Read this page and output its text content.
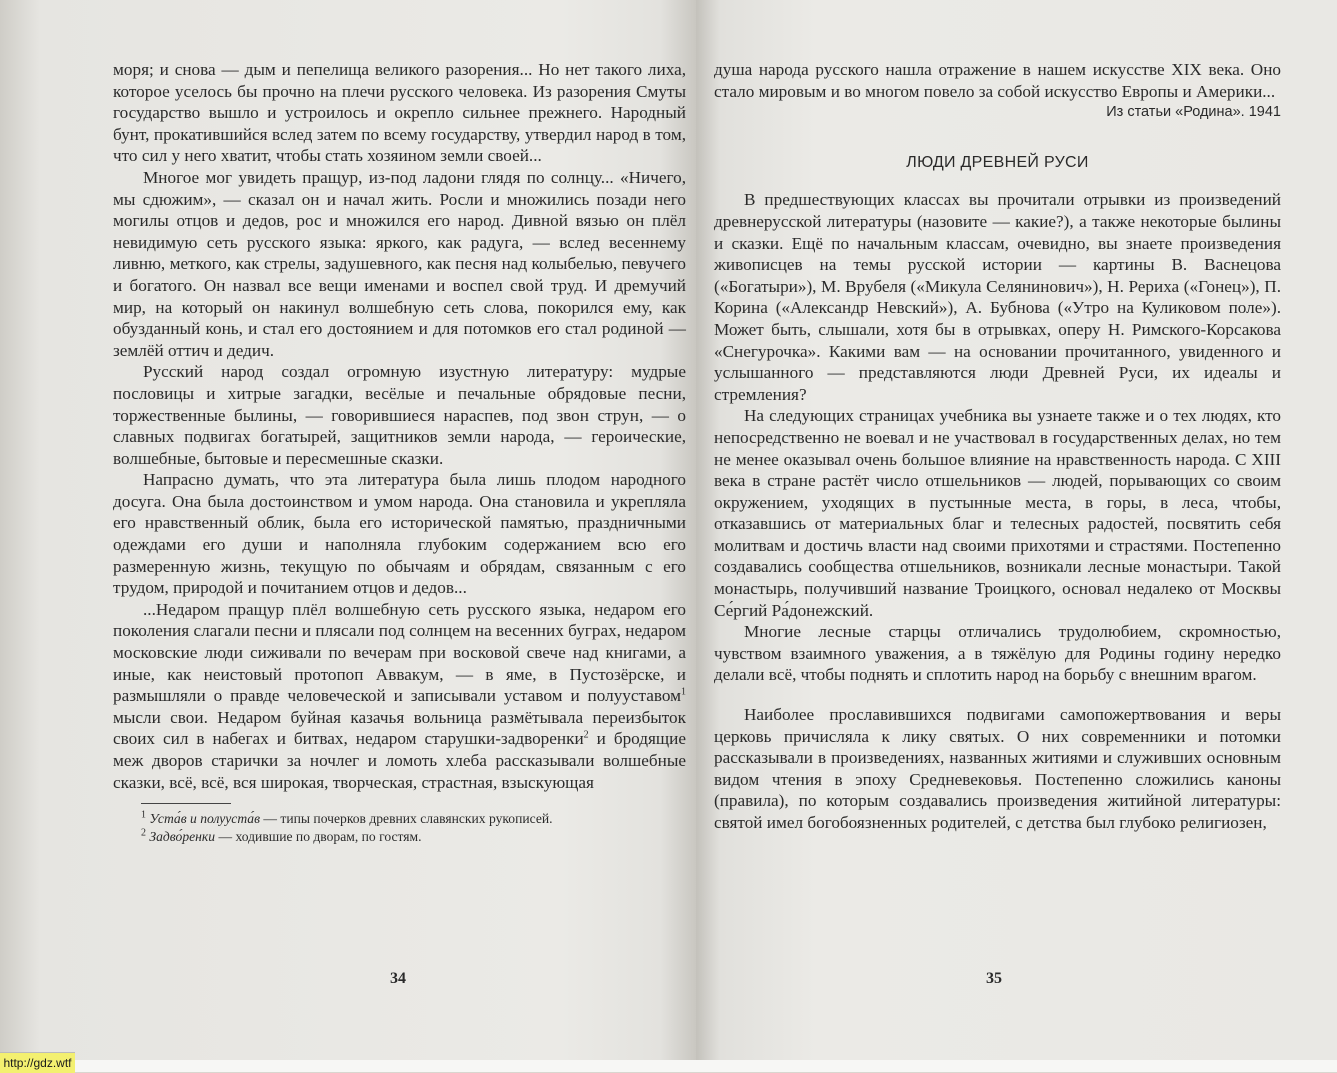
моря; и снова — дым и пепелища великого разорения... Но нет такого лиха, которое уселось бы прочно на плечи русского человека. Из разорения Смуты государство вышло и устроилось и окрепло сильнее прежнего. Народный бунт, прокатившийся вслед затем по всему государству, утвердил народ в том, что сил у него хватит, чтобы стать хозяином земли своей...

Многое мог увидеть пращур, из-под ладони глядя по солнцу... «Ничего, мы сдюжим», — сказал он и начал жить. Росли и множились позади него могилы отцов и дедов, рос и множился его народ. Дивной вязью он плёл невидимую сеть русского языка: яркого, как радуга, — вслед весеннему ливню, меткого, как стрелы, задушевного, как песня над колыбелью, певучего и богатого. Он назвал все вещи именами и воспел свой труд. И дремучий мир, на который он накинул волшебную сеть слова, покорился ему, как обузданный конь, и стал его достоянием и для потомков его стал родиной — землёй оттич и дедич.

Русский народ создал огромную изустную литературу: мудрые пословицы и хитрые загадки, весёлые и печальные обрядовые песни, торжественные былины, — говорившиеся нараспев, под звон струн, — о славных подвигах богатырей, защитников земли народа, — героические, волшебные, бытовые и пересмешные сказки.

Напрасно думать, что эта литература была лишь плодом народного досуга. Она была достоинством и умом народа. Она становила и укрепляла его нравственный облик, была его исторической памятью, праздничными одеждами его души и наполняла глубоким содержанием всю его размеренную жизнь, текущую по обычаям и обрядам, связанным с его трудом, природой и почитанием отцов и дедов...

...Недаром пращур плёл волшебную сеть русского языка, недаром его поколения слагали песни и плясали под солнцем на весенних буграх, недаром московские люди сиживали по вечерам при восковой свече над книгами, а иные, как неистовый протопоп Аввакум, — в яме, в Пустозёрске, и размышляли о правде человеческой и записывали уставом и полууставом$^1$ мысли свои. Недаром буйная казачья вольница размётывала переизбыток своих сил в набегах и битвах, недаром старушки-задворенки$^2$ и бродящие меж дворов старички за ночлег и ломоть хлеба рассказывали волшебные сказки, всё, всё, вся широкая, творческая, страстная, взыскующая

$^1$ Уста́в и полууста́в — типы почерков древних славянских рукописей.

$^2$ Задво́ренки — ходившие по дворам, по гостям.

34

душа народа русского нашла отражение в нашем искусстве XIX века. Оно стало мировым и во многом повело за собой искусство Европы и Америки...

Из статьи «Родина». 1941

ЛЮДИ ДРЕВНЕЙ РУСИ

В предшествующих классах вы прочитали отрывки из произведений древнерусской литературы (назовите — какие?), а также некоторые былины и сказки. Ещё по начальным классам, очевидно, вы знаете произведения живописцев на темы русской истории — картины В. Васнецова («Богатыри»), М. Врубеля («Микула Селянинович»), Н. Рериха («Гонец»), П. Корина («Александр Невский»), А. Бубнова («Утро на Куликовом поле»). Может быть, слышали, хотя бы в отрывках, оперу Н. Римского-Корсакова «Снегурочка». Какими вам — на основании прочитанного, увиденного и услышанного — представляются люди Древней Руси, их идеалы и стремления?

На следующих страницах учебника вы узнаете также и о тех людях, кто непосредственно не воевал и не участвовал в государственных делах, но тем не менее оказывал очень большое влияние на нравственность народа. С XIII века в стране растёт число отшельников — людей, порывающих со своим окружением, уходящих в пустынные места, в горы, в леса, чтобы, отказавшись от материальных благ и телесных радостей, посвятить себя молитвам и достичь власти над своими прихотями и страстями. Постепенно создавались сообщества отшельников, возникали лесные монастыри. Такой монастырь, получивший название Троицкого, основал недалеко от Москвы Се́ргий Ра́донежский.

Многие лесные старцы отличались трудолюбием, скромностью, чувством взаимного уважения, а в тяжёлую для Родины годину нередко делали всё, чтобы поднять и сплотить народ на борьбу с внешним врагом.

Наиболее прославившихся подвигами самопожертвования и веры церковь причисляла к лику святых. О них современники и потомки рассказывали в произведениях, названных житиями и служивших основным видом чтения в эпоху Средневековья. Постепенно сложились каноны (правила), по которым создавались произведения житийной литературы: святой имел богобоязненных родителей, с детства был глубоко религиозен,

35
http://gdz.wtf
